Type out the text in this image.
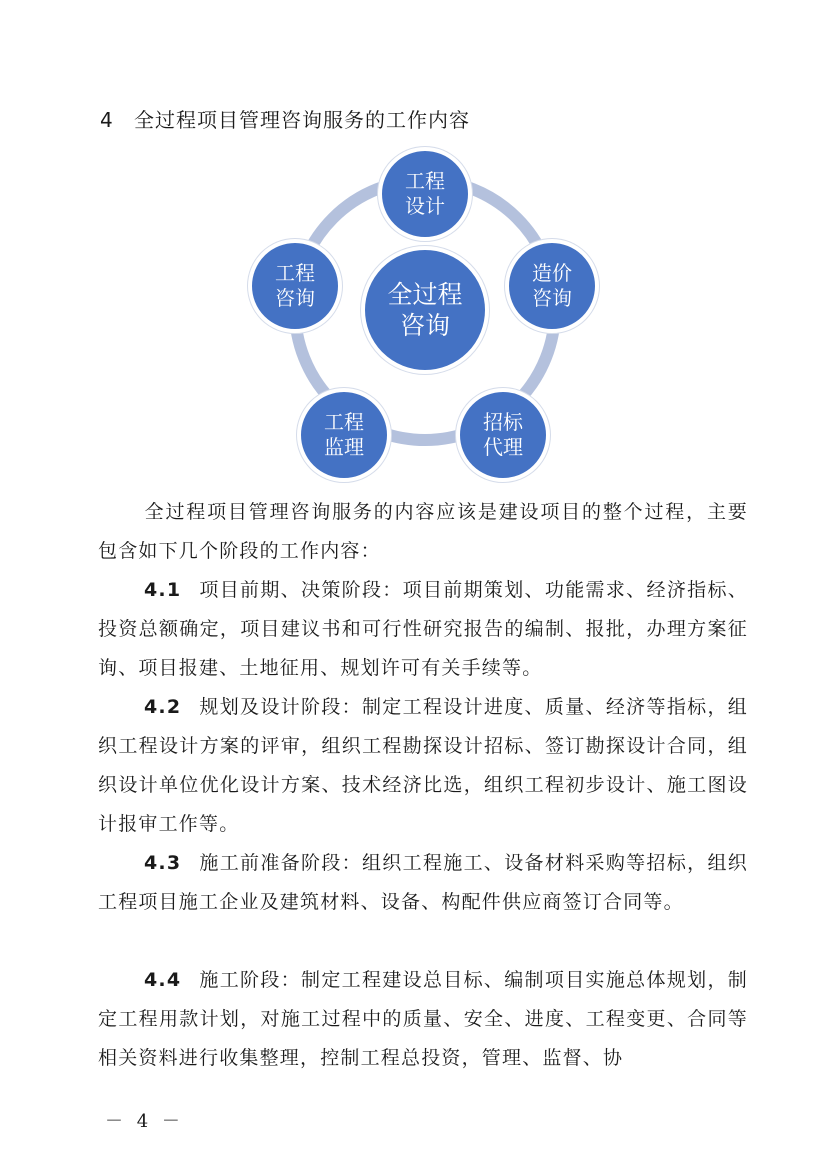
4 全过程项目管理咨询服务的工作内容
全过程
咨询
工程
设计
造价
咨询
招标
代理
工程
监理
工程
咨询

全过程项目管理咨询服务的内容应该是建设项目的整个过程，主要包含如下几个阶段的工作内容：

4.1 项目前期、决策阶段：项目前期策划、功能需求、经济指标、投资总额确定，项目建议书和可行性研究报告的编制、报批，办理方案征询、项目报建、土地征用、规划许可有关手续等。

4.2 规划及设计阶段：制定工程设计进度、质量、经济等指标，组织工程设计方案的评审，组织工程勘探设计招标、签订勘探设计合同，组织设计单位优化设计方案、技术经济比选，组织工程初步设计、施工图设计报审工作等。

4.3 施工前准备阶段：组织工程施工、设备材料采购等招标，组织工程项目施工企业及建筑材料、设备、构配件供应商签订合同等。

4.4 施工阶段：制定工程建设总目标、编制项目实施总体规划，制定工程用款计划，对施工过程中的质量、安全、进度、工程变更、合同等相关资料进行收集整理，控制工程总投资，管理、监督、协

－ 4 －
